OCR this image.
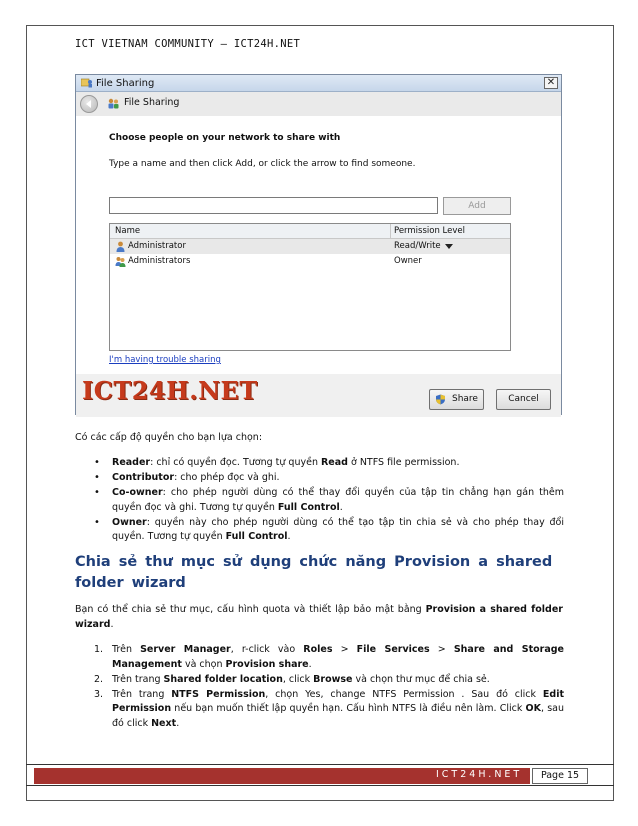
ICT VIETNAM COMMUNITY – ICT24H.NET
File Sharing	✕
File Sharing
Choose people on your network to share with
Type a name and then click Add, or click the arrow to find someone.
Add
Name	Permission Level
Administrator	Read/Write
Administrators	Owner
I'm having trouble sharing
ICT24H.NET	Share	Cancel
Có các cấp độ quyền cho bạn lựa chọn:
• Reader: chỉ có quyền đọc. Tương tự quyền Read ở NTFS file permission.
• Contributor: cho phép đọc và ghi.
• Co-owner: cho phép người dùng có thể thay đổi quyền của tập tin chẳng hạn gán thêm quyền đọc và ghi. Tương tự quyền Full Control.
• Owner: quyền này cho phép người dùng có thể tạo tập tin chia sẻ và cho phép thay đổi quyền. Tương tự quyền Full Control.
Chia sẻ thư mục sử dụng chức năng Provision a shared folder wizard
Bạn có thể chia sẻ thư mục, cấu hình quota và thiết lập bảo mật bằng Provision a shared folder wizard.
1. Trên Server Manager, r-click vào Roles > File Services > Share and Storage Management và chọn Provision share.
2. Trên trang Shared folder location, click Browse và chọn thư mục để chia sẻ.
3. Trên trang NTFS Permission, chọn Yes, change NTFS Permission . Sau đó click Edit Permission nếu bạn muốn thiết lập quyền hạn. Cấu hình NTFS là điều nên làm. Click OK, sau đó click Next.
ICT24H.NET	Page 15
